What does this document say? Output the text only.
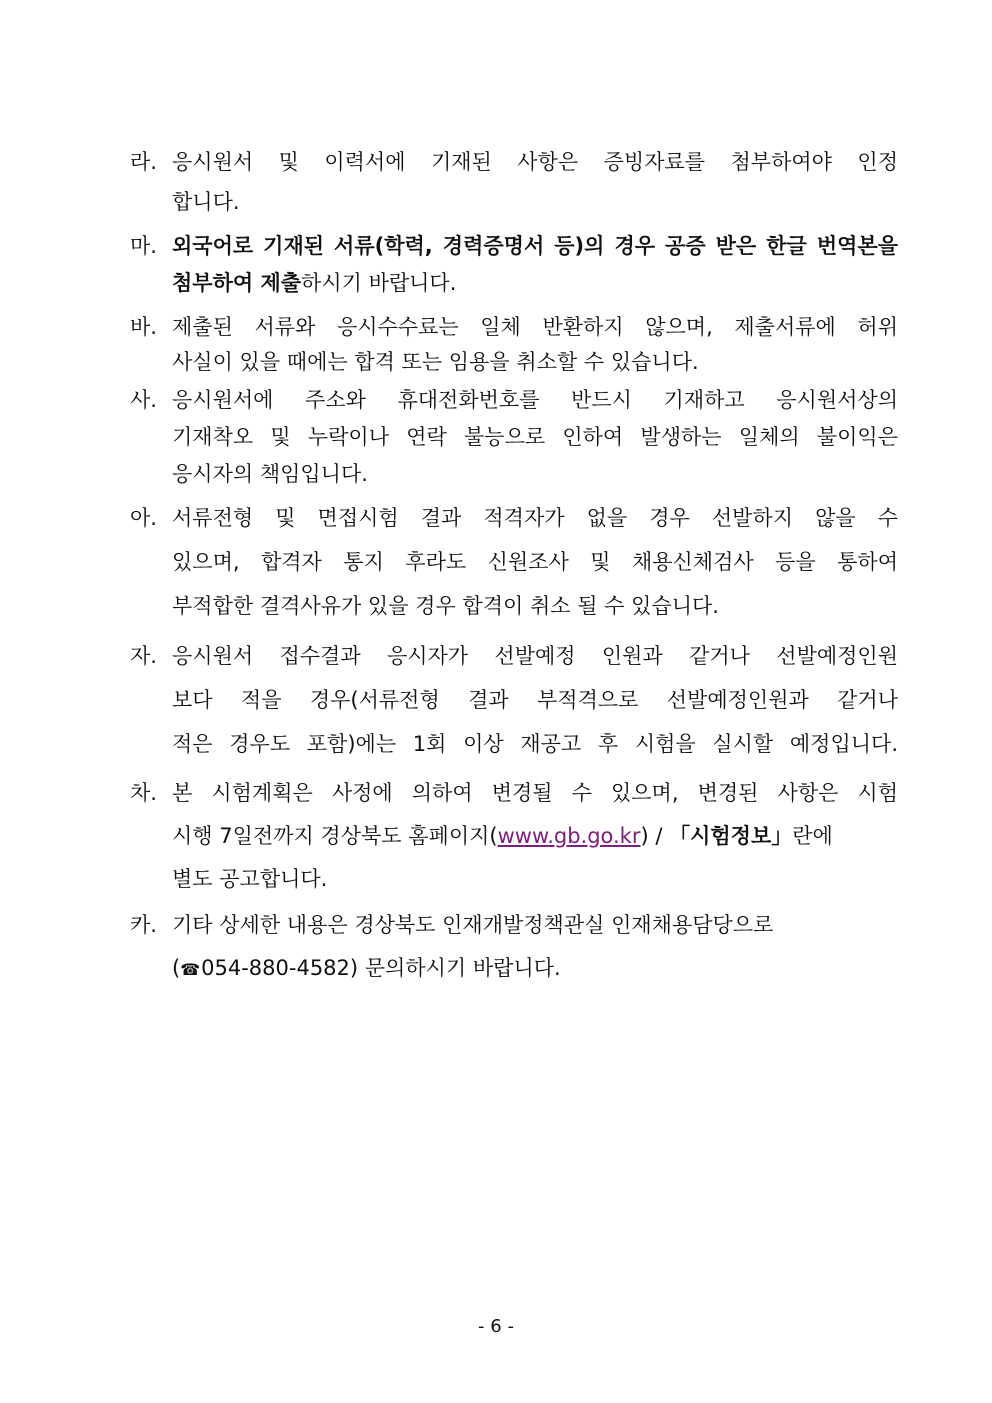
라. 응시원서 및 이력서에 기재된 사항은 증빙자료를 첨부하여야 인정
합니다.
마. 외국어로 기재된 서류(학력, 경력증명서 등)의 경우 공증 받은 한글 번역본을
첨부하여 제출하시기 바랍니다.
바. 제출된 서류와 응시수수료는 일체 반환하지 않으며, 제출서류에 허위
사실이 있을 때에는 합격 또는 임용을 취소할 수 있습니다.
사. 응시원서에 주소와 휴대전화번호를 반드시 기재하고 응시원서상의
기재착오 및 누락이나 연락 불능으로 인하여 발생하는 일체의 불이익은
응시자의 책임입니다.
아. 서류전형 및 면접시험 결과 적격자가 없을 경우 선발하지 않을 수
있으며, 합격자 통지 후라도 신원조사 및 채용신체검사 등을 통하여
부적합한 결격사유가 있을 경우 합격이 취소 될 수 있습니다.
자. 응시원서 접수결과 응시자가 선발예정 인원과 같거나 선발예정인원
보다 적을 경우(서류전형 결과 부적격으로 선발예정인원과 같거나
적은 경우도 포함)에는 1회 이상 재공고 후 시험을 실시할 예정입니다.
차. 본 시험계획은 사정에 의하여 변경될 수 있으며, 변경된 사항은 시험
시행 7일전까지 경상북도 홈페이지(www.gb.go.kr) / 「시험정보」란에
별도 공고합니다.
카. 기타 상세한 내용은 경상북도 인재개발정책관실 인재채용담당으로
(☎054-880-4582) 문의하시기 바랍니다.
- 6 -
